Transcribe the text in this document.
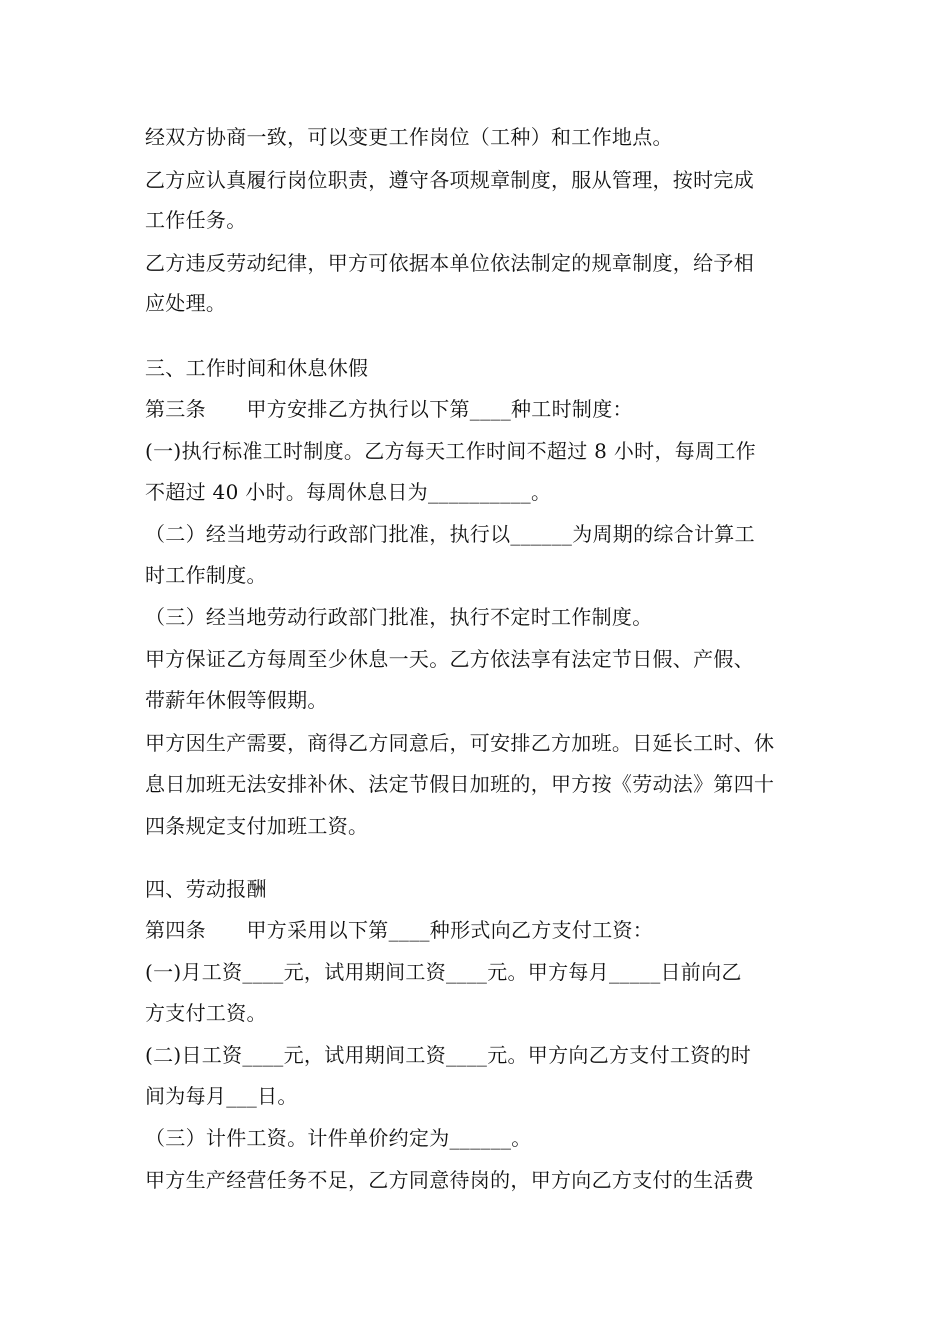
经双方协商一致，可以变更工作岗位（工种）和工作地点。
乙方应认真履行岗位职责，遵守各项规章制度，服从管理，按时完成
工作任务。
乙方违反劳动纪律，甲方可依据本单位依法制定的规章制度，给予相
应处理。
三、工作时间和休息休假
第三条　　甲方安排乙方执行以下第____种工时制度：
(一)执行标准工时制度。乙方每天工作时间不超过 8 小时，每周工作
不超过 40 小时。每周休息日为__________。
（二）经当地劳动行政部门批准，执行以______为周期的综合计算工
时工作制度。
（三）经当地劳动行政部门批准，执行不定时工作制度。
甲方保证乙方每周至少休息一天。乙方依法享有法定节日假、产假、
带薪年休假等假期。
甲方因生产需要，商得乙方同意后，可安排乙方加班。日延长工时、休
息日加班无法安排补休、法定节假日加班的，甲方按《劳动法》第四十
四条规定支付加班工资。
四、劳动报酬
第四条　　甲方采用以下第____种形式向乙方支付工资：
(一)月工资____元，试用期间工资____元。甲方每月_____日前向乙
方支付工资。
(二)日工资____元，试用期间工资____元。甲方向乙方支付工资的时
间为每月___日。
（三）计件工资。计件单价约定为______。
甲方生产经营任务不足，乙方同意待岗的，甲方向乙方支付的生活费
